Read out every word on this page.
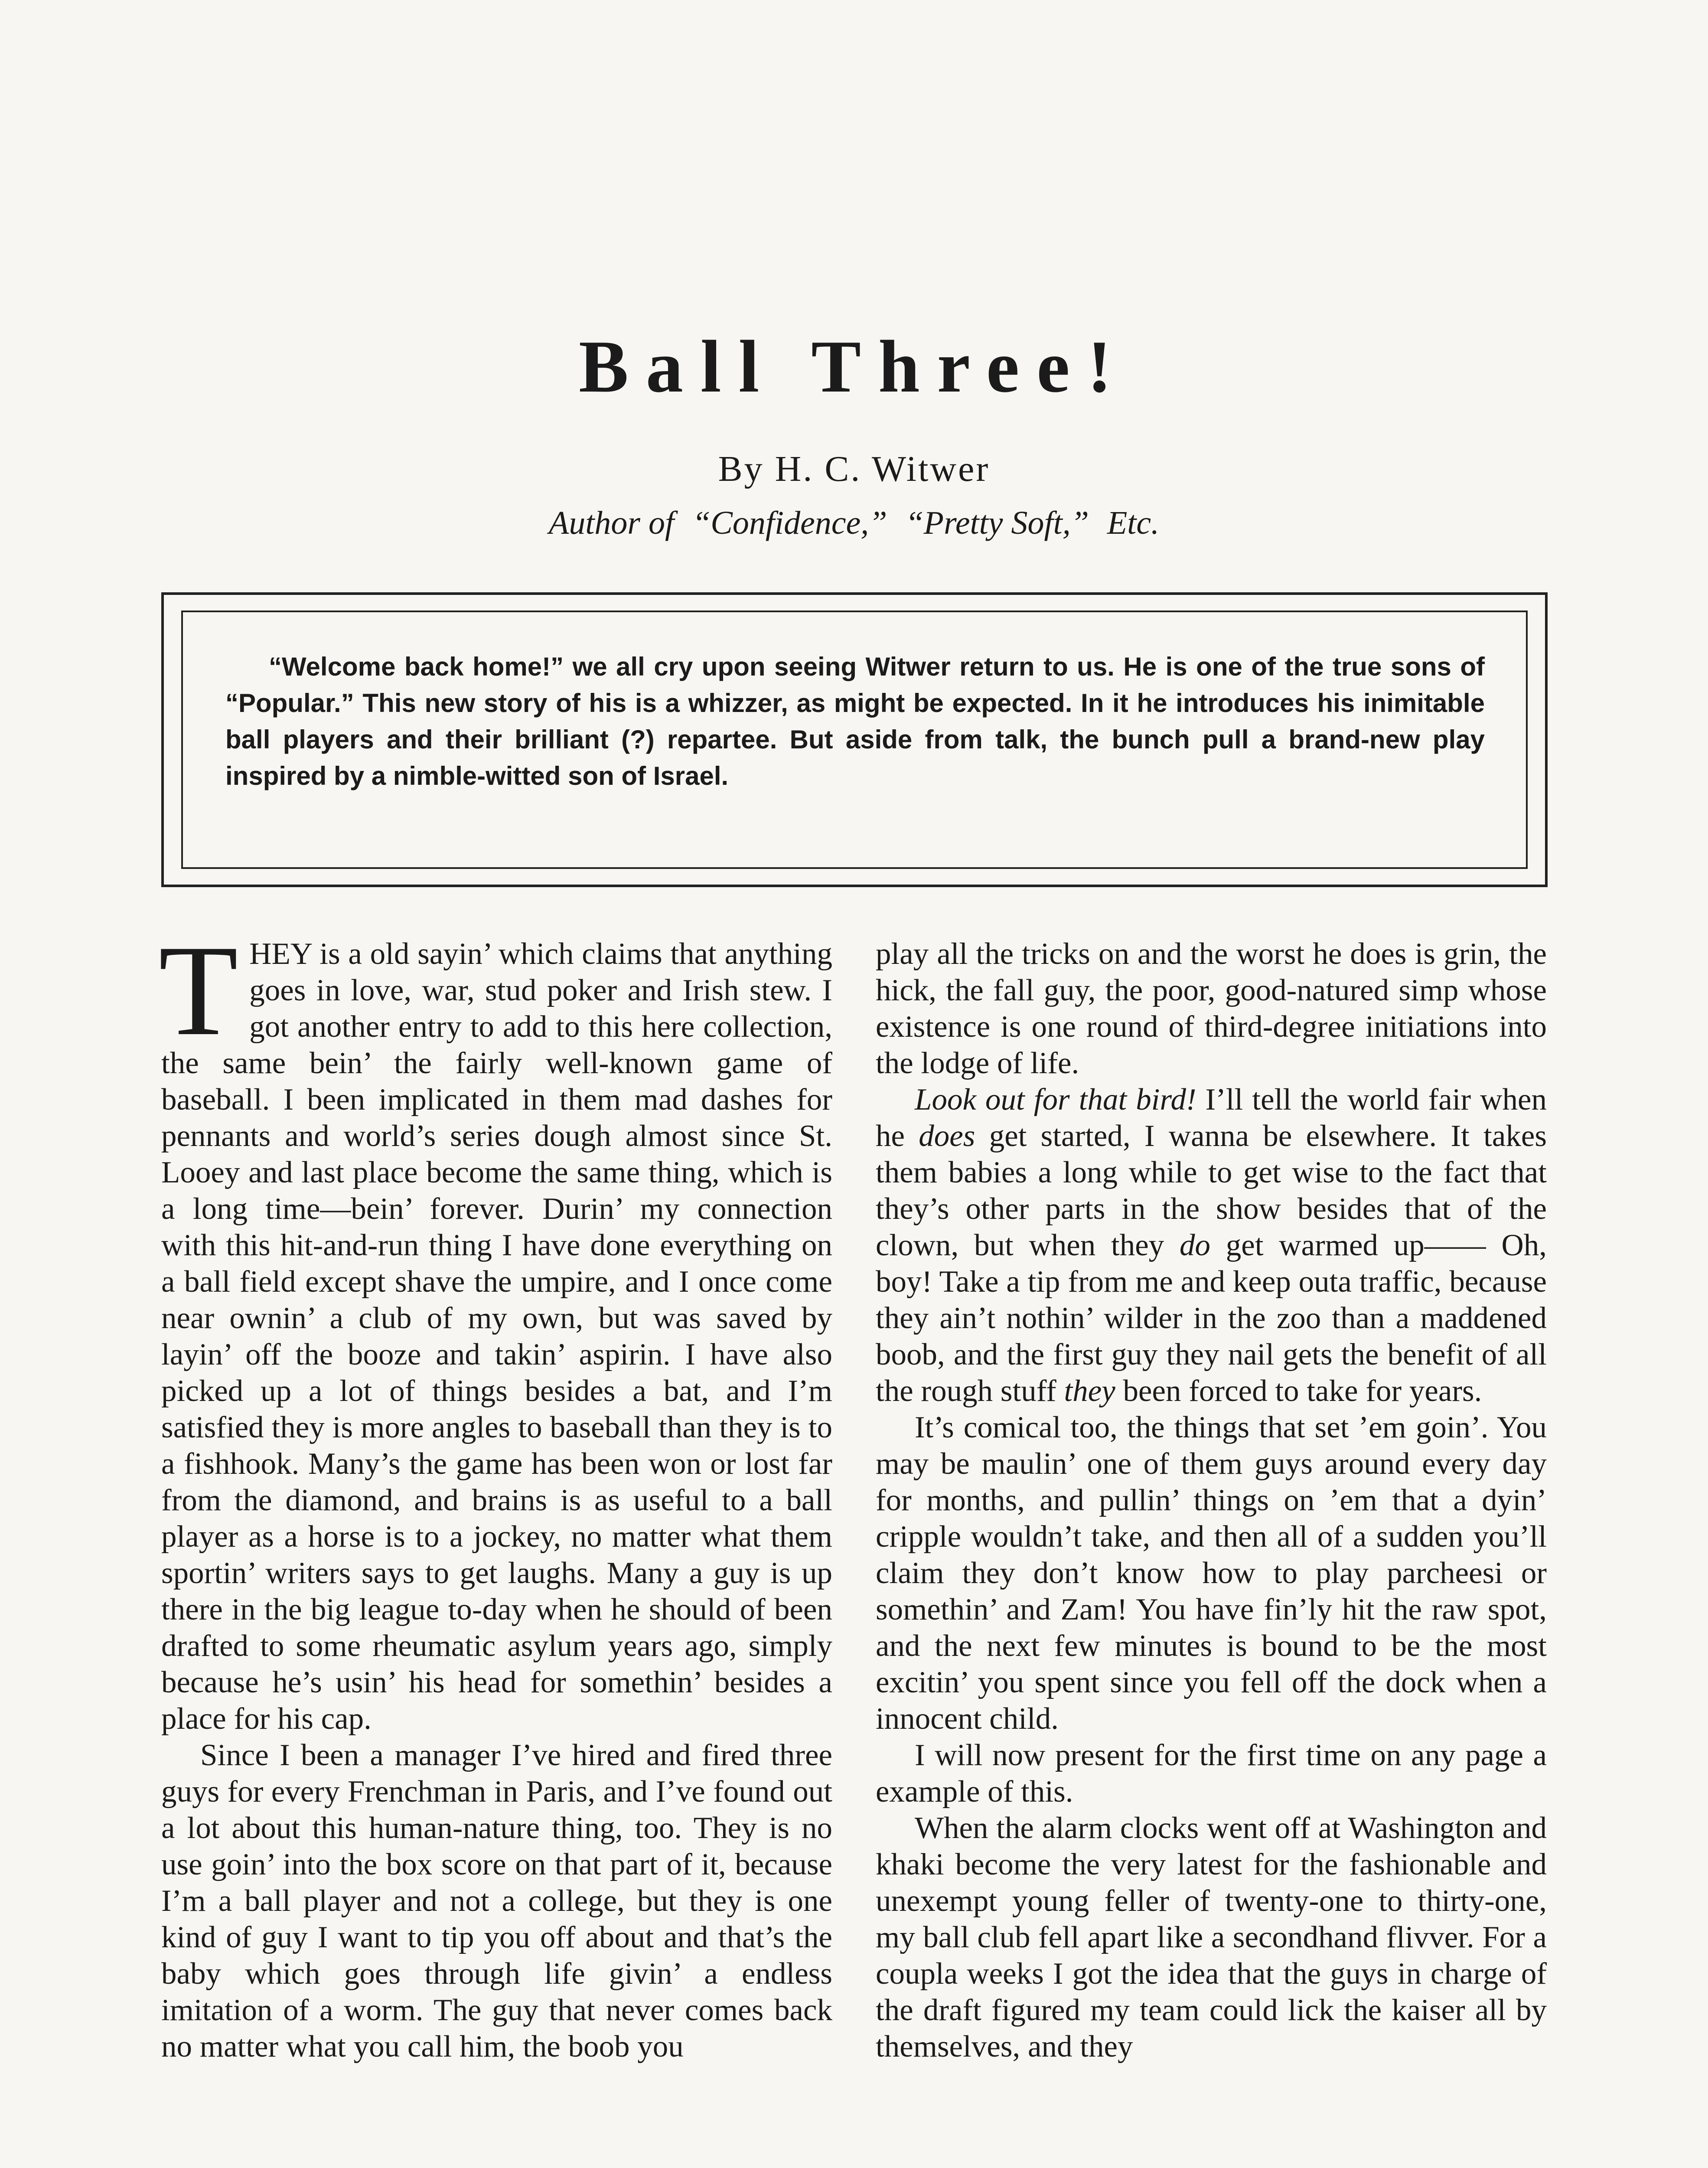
Ball Three!
By H. C. Witwer
Author of “Confidence,” “Pretty Soft,” Etc.
“Welcome back home!” we all cry upon seeing Witwer return to us. He is one of the true sons of “Popular.” This new story of his is a whizzer, as might be expected. In it he introduces his inimitable ball players and their brilliant (?) repartee. But aside from talk, the bunch pull a brand-new play inspired by a nimble-witted son of Israel.

THEY is a old sayin’ which claims that anything goes in love, war, stud poker and Irish stew. I got another entry to add to this here collection, the same bein’ the fairly well-known game of baseball. I been implicated in them mad dashes for pennants and world’s series dough almost since St. Looey and last place become the same thing, which is a long time—bein’ forever. Durin’ my connection with this hit-and-run thing I have done everything on a ball field except shave the umpire, and I once come near ownin’ a club of my own, but was saved by layin’ off the booze and takin’ aspirin. I have also picked up a lot of things besides a bat, and I’m satisfied they is more angles to baseball than they is to a fishhook. Many’s the game has been won or lost far from the diamond, and brains is as useful to a ball player as a horse is to a jockey, no matter what them sportin’ writers says to get laughs. Many a guy is up there in the big league to-day when he should of been drafted to some rheumatic asylum years ago, simply because he’s usin’ his head for somethin’ besides a place for his cap.

Since I been a manager I’ve hired and fired three guys for every Frenchman in Paris, and I’ve found out a lot about this human-nature thing, too. They is no use goin’ into the box score on that part of it, because I’m a ball player and not a college, but they is one kind of guy I want to tip you off about and that’s the baby which goes through life givin’ a endless imitation of a worm. The guy that never comes back no matter what you call him, the boob you

play all the tricks on and the worst he does is grin, the hick, the fall guy, the poor, good-natured simp whose existence is one round of third-degree initiations into the lodge of life.

Look out for that bird! I’ll tell the world fair when he does get started, I wanna be elsewhere. It takes them babies a long while to get wise to the fact that they’s other parts in the show besides that of the clown, but when they do get warmed up—— Oh, boy! Take a tip from me and keep outa traffic, because they ain’t nothin’ wilder in the zoo than a maddened boob, and the first guy they nail gets the benefit of all the rough stuff they been forced to take for years.

It’s comical too, the things that set ’em goin’. You may be maulin’ one of them guys around every day for months, and pullin’ things on ’em that a dyin’ cripple wouldn’t take, and then all of a sudden you’ll claim they don’t know how to play parcheesi or somethin’ and Zam! You have fin’ly hit the raw spot, and the next few minutes is bound to be the most excitin’ you spent since you fell off the dock when a innocent child.

I will now present for the first time on any page a example of this.

When the alarm clocks went off at Washington and khaki become the very latest for the fashionable and unexempt young feller of twenty-one to thirty-one, my ball club fell apart like a secondhand flivver. For a coupla weeks I got the idea that the guys in charge of the draft figured my team could lick the kaiser all by themselves, and they
